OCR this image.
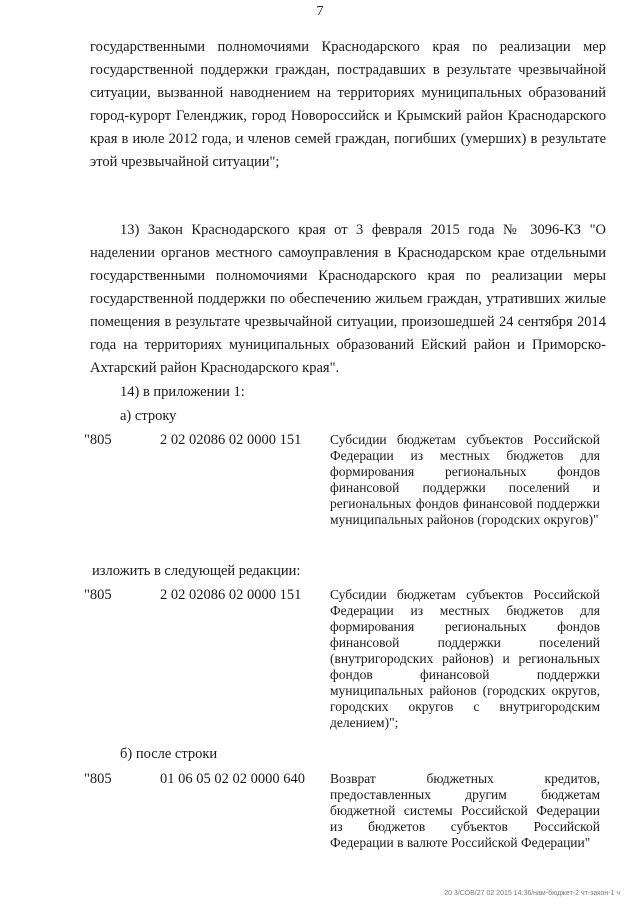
7
государственными полномочиями Краснодарского края по реализации мер государственной поддержки граждан, пострадавших в результате чрезвычайной ситуации, вызванной наводнением на территориях муниципальных образований город-курорт Геленджик, город Новороссийск и Крымский район Краснодарского края в июле 2012 года, и членов семей граждан, погибших (умерших) в результате этой чрезвычайной ситуации";
13) Закон Краснодарского края от 3 февраля 2015 года № 3096-КЗ "О наделении органов местного самоуправления в Краснодарском крае отдельными государственными полномочиями Краснодарского края по реализации меры государственной поддержки по обеспечению жильем граждан, утративших жилые помещения в результате чрезвычайной ситуации, произошедшей 24 сентября 2014 года на территориях муниципальных образований Ейский район и Приморско-Ахтарский район Краснодарского края".
14) в приложении 1:
а) строку
"805	2 02 02086 02 0000 151 Субсидии бюджетам субъектов Российской Федерации из местных бюджетов для формирования региональных фондов финансовой поддержки поселений и региональных фондов финансовой поддержки муниципальных районов (городских округов)"
изложить в следующей редакции:
"805	2 02 02086 02 0000 151 Субсидии бюджетам субъектов Российской Федерации из местных бюджетов для формирования региональных фондов финансовой поддержки поселений (внутригородских районов) и региональных фондов финансовой поддержки муниципальных районов (городских округов, городских округов с внутригородским делением)";
б) после строки
"805	01 06 05 02 02 0000 640 Возврат бюджетных кредитов, предоставленных другим бюджетам бюджетной системы Российской Федерации из бюджетов субъектов Российской Федерации в валюте Российской Федерации"
20 3/СОВ/27 02 2015 14:36/нам-бюджет-2 чт-закон-1 ч
